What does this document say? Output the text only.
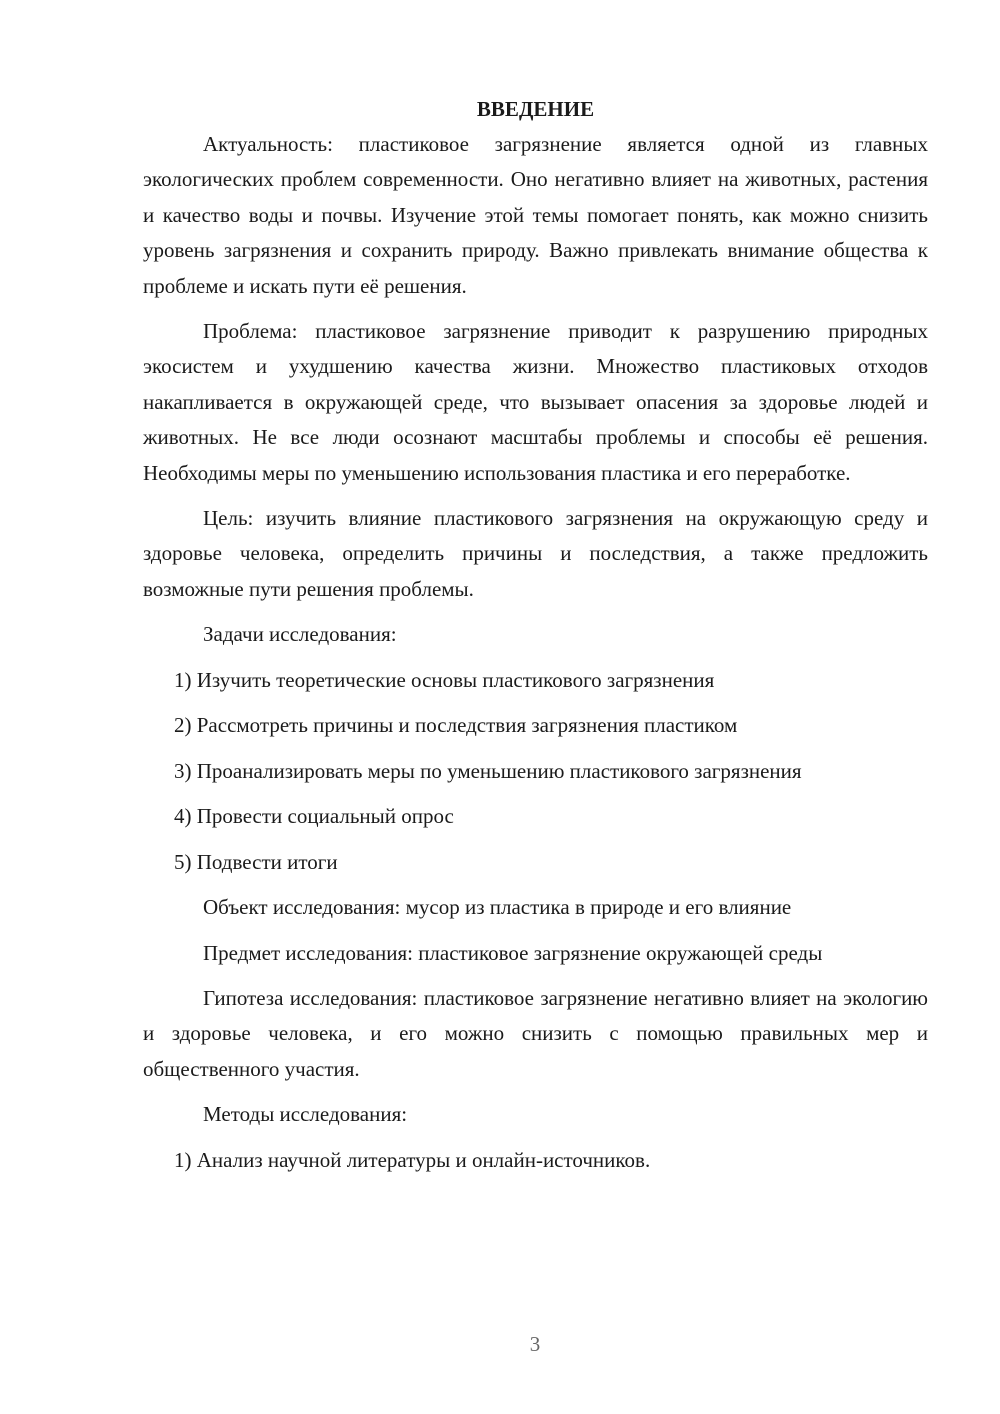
ВВЕДЕНИЕ

Актуальность: пластиковое загрязнение является одной из главных экологических проблем современности. Оно негативно влияет на животных, растения и качество воды и почвы. Изучение этой темы помогает понять, как можно снизить уровень загрязнения и сохранить природу. Важно привлекать внимание общества к проблеме и искать пути её решения.

Проблема: пластиковое загрязнение приводит к разрушению природных экосистем и ухудшению качества жизни. Множество пластиковых отходов накапливается в окружающей среде, что вызывает опасения за здоровье людей и животных. Не все люди осознают масштабы проблемы и способы её решения. Необходимы меры по уменьшению использования пластика и его переработке.

Цель: изучить влияние пластикового загрязнения на окружающую среду и здоровье человека, определить причины и последствия, а также предложить возможные пути решения проблемы.

Задачи исследования:

1) Изучить теоретические основы пластикового загрязнения
2) Рассмотреть причины и последствия загрязнения пластиком
3) Проанализировать меры по уменьшению пластикового загрязнения
4) Провести социальный опрос
5) Подвести итоги

Объект исследования: мусор из пластика в природе и его влияние

Предмет исследования: пластиковое загрязнение окружающей среды

Гипотеза исследования: пластиковое загрязнение негативно влияет на экологию и здоровье человека, и его можно снизить с помощью правильных мер и общественного участия.

Методы исследования:

1) Анализ научной литературы и онлайн-источников.
3
